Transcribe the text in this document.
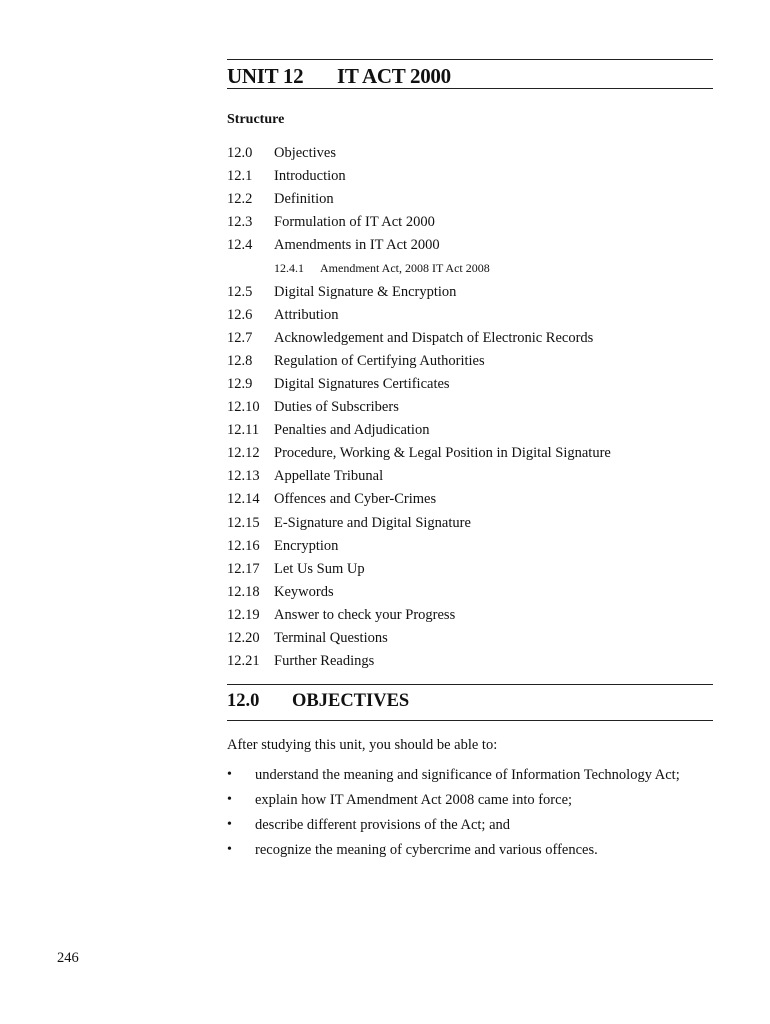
UNIT 12 IT ACT 2000
Structure
12.0 Objectives
12.1 Introduction
12.2 Definition
12.3 Formulation of IT Act 2000
12.4 Amendments in IT Act 2000
12.4.1 Amendment Act, 2008 IT Act 2008
12.5 Digital Signature & Encryption
12.6 Attribution
12.7 Acknowledgement and Dispatch of Electronic Records
12.8 Regulation of Certifying Authorities
12.9 Digital Signatures Certificates
12.10 Duties of Subscribers
12.11 Penalties and Adjudication
12.12 Procedure, Working & Legal Position in Digital Signature
12.13 Appellate Tribunal
12.14 Offences and Cyber-Crimes
12.15 E-Signature and Digital Signature
12.16 Encryption
12.17 Let Us Sum Up
12.18 Keywords
12.19 Answer to check your Progress
12.20 Terminal Questions
12.21 Further Readings
12.0 OBJECTIVES
After studying this unit, you should be able to:
• understand the meaning and significance of Information Technology Act;
• explain how IT Amendment Act 2008 came into force;
• describe different provisions of the Act; and
• recognize the meaning of cybercrime and various offences.
246
